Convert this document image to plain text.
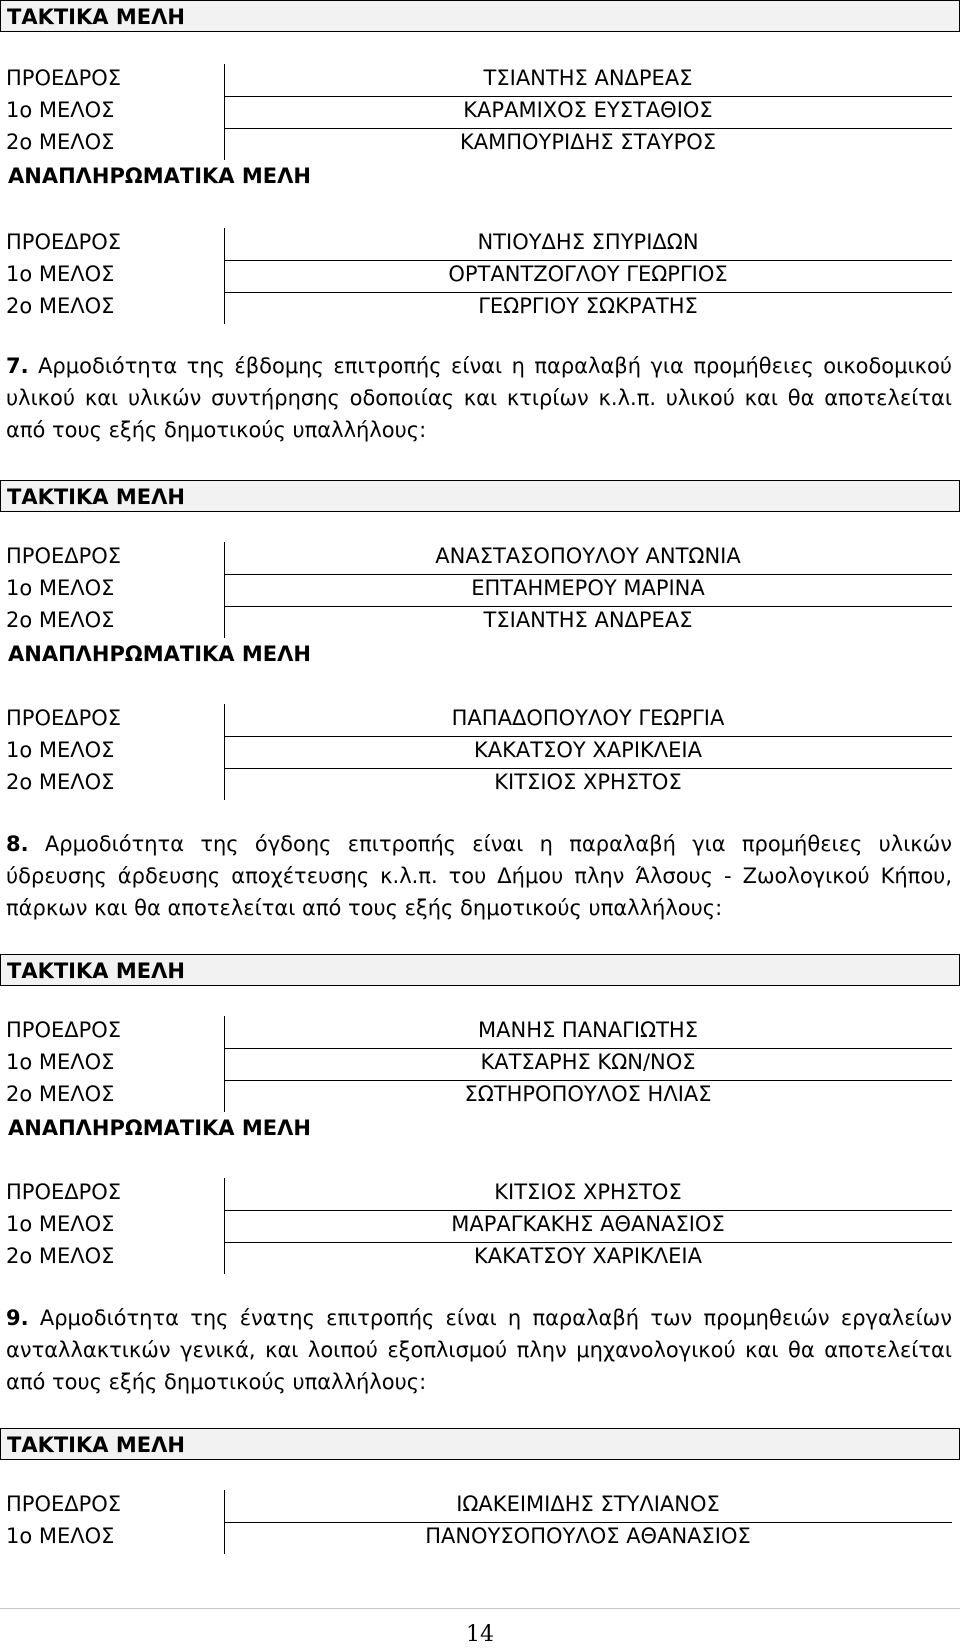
ΤΑΚΤΙΚΑ ΜΕΛΗ
ΠΡΟΕΔΡΟΣ	ΤΣΙΑΝΤΗΣ ΑΝΔΡΕΑΣ
1ο ΜΕΛΟΣ	ΚΑΡΑΜΙΧΟΣ ΕΥΣΤΑΘΙΟΣ
2ο ΜΕΛΟΣ	ΚΑΜΠΟΥΡΙΔΗΣ ΣΤΑΥΡΟΣ
ΑΝΑΠΛΗΡΩΜΑΤΙΚΑ ΜΕΛΗ
ΠΡΟΕΔΡΟΣ	ΝΤΙΟΥΔΗΣ ΣΠΥΡΙΔΩΝ
1ο ΜΕΛΟΣ	ΟΡΤΑΝΤΖΟΓΛΟΥ ΓΕΩΡΓΙΟΣ
2ο ΜΕΛΟΣ	ΓΕΩΡΓΙΟΥ ΣΩΚΡΑΤΗΣ
7. Αρμοδιότητα της έβδομης επιτροπής είναι η παραλαβή για προμήθειες οικοδομικού υλικού και υλικών συντήρησης οδοποιίας και κτιρίων κ.λ.π. υλικού και θα αποτελείται από τους εξής δημοτικούς υπαλλήλους:
ΤΑΚΤΙΚΑ ΜΕΛΗ
ΠΡΟΕΔΡΟΣ	ΑΝΑΣΤΑΣΟΠΟΥΛΟΥ ΑΝΤΩΝΙΑ
1ο ΜΕΛΟΣ	ΕΠΤΑΗΜΕΡΟΥ ΜΑΡΙΝΑ
2ο ΜΕΛΟΣ	ΤΣΙΑΝΤΗΣ ΑΝΔΡΕΑΣ
ΑΝΑΠΛΗΡΩΜΑΤΙΚΑ ΜΕΛΗ
ΠΡΟΕΔΡΟΣ	ΠΑΠΑΔΟΠΟΥΛΟΥ ΓΕΩΡΓΙΑ
1ο ΜΕΛΟΣ	ΚΑΚΑΤΣΟΥ ΧΑΡΙΚΛΕΙΑ
2ο ΜΕΛΟΣ	ΚΙΤΣΙΟΣ ΧΡΗΣΤΟΣ
8. Αρμοδιότητα της όγδοης επιτροπής είναι η παραλαβή για προμήθειες υλικών ύδρευσης άρδευσης αποχέτευσης κ.λ.π. του Δήμου πλην Άλσους - Ζωολογικού Κήπου, πάρκων και θα αποτελείται από τους εξής δημοτικούς υπαλλήλους:
ΤΑΚΤΙΚΑ ΜΕΛΗ
ΠΡΟΕΔΡΟΣ	ΜΑΝΗΣ ΠΑΝΑΓΙΩΤΗΣ
1ο ΜΕΛΟΣ	ΚΑΤΣΑΡΗΣ ΚΩΝ/ΝΟΣ
2ο ΜΕΛΟΣ	ΣΩΤΗΡΟΠΟΥΛΟΣ ΗΛΙΑΣ
ΑΝΑΠΛΗΡΩΜΑΤΙΚΑ ΜΕΛΗ
ΠΡΟΕΔΡΟΣ	ΚΙΤΣΙΟΣ ΧΡΗΣΤΟΣ
1ο ΜΕΛΟΣ	ΜΑΡΑΓΚΑΚΗΣ ΑΘΑΝΑΣΙΟΣ
2ο ΜΕΛΟΣ	ΚΑΚΑΤΣΟΥ ΧΑΡΙΚΛΕΙΑ
9. Αρμοδιότητα της ένατης επιτροπής είναι η παραλαβή των προμηθειών εργαλείων ανταλλακτικών γενικά, και λοιπού εξοπλισμού πλην μηχανολογικού και θα αποτελείται από τους εξής δημοτικούς υπαλλήλους:
ΤΑΚΤΙΚΑ ΜΕΛΗ
ΠΡΟΕΔΡΟΣ	ΙΩΑΚΕΙΜΙΔΗΣ ΣΤΥΛΙΑΝΟΣ
1ο ΜΕΛΟΣ	ΠΑΝΟΥΣΟΠΟΥΛΟΣ ΑΘΑΝΑΣΙΟΣ
14
